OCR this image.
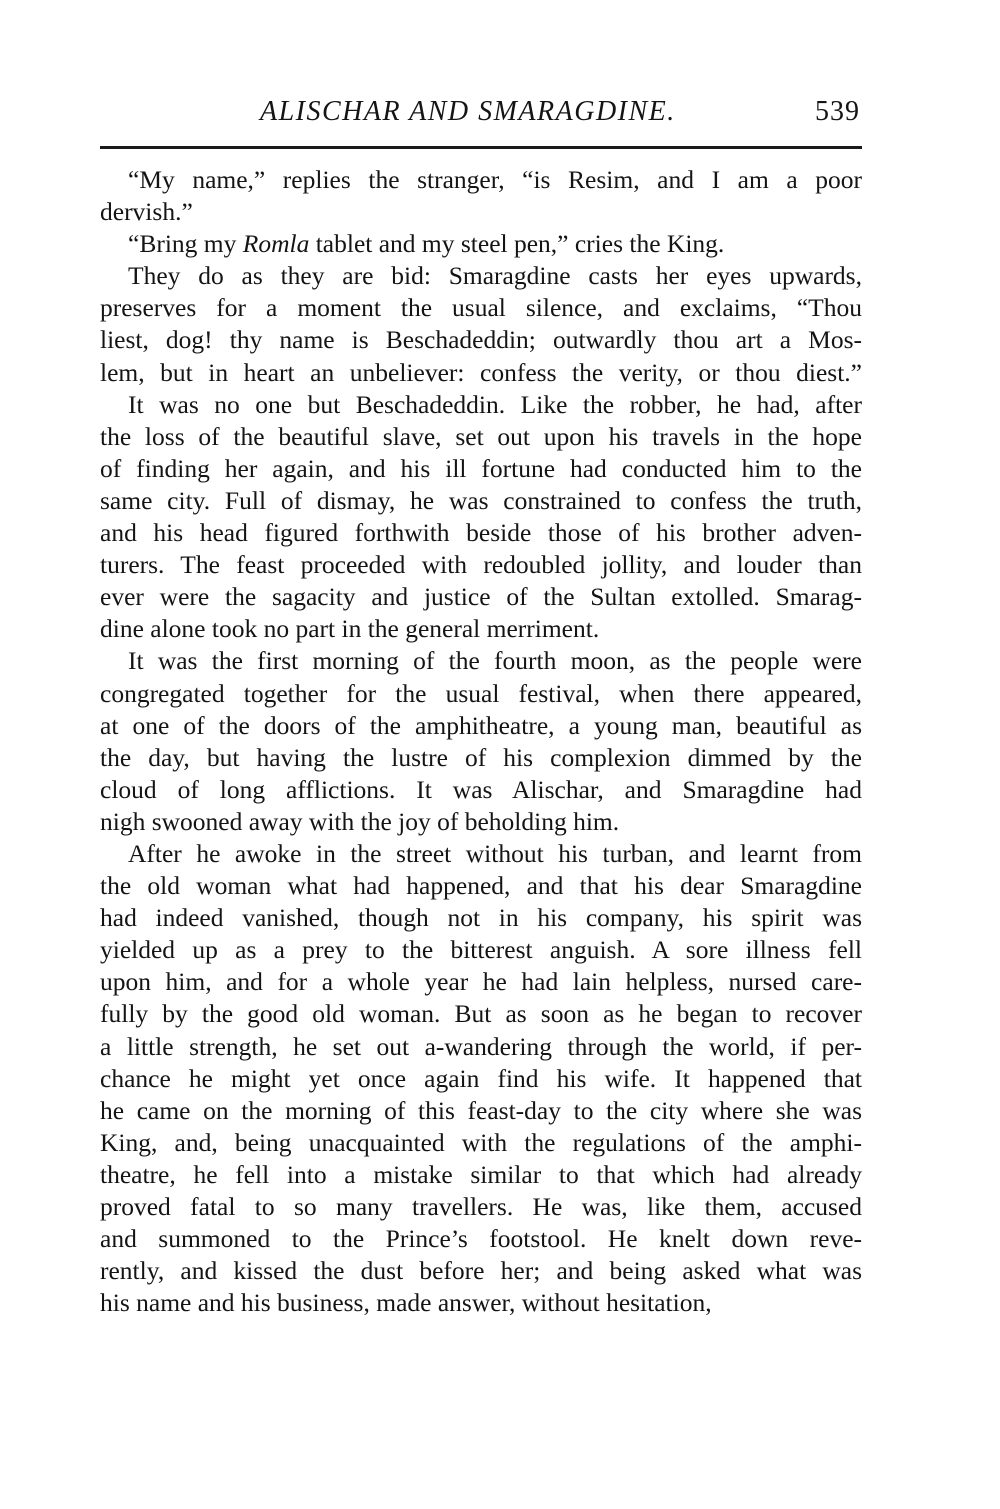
ALISCHAR AND SMARAGDINE.	539
“My name,” replies the stranger, “is Resim, and I am a poor
dervish.”
“Bring my Romla tablet and my steel pen,” cries the King.
They do as they are bid: Smaragdine casts her eyes upwards,
preserves for a moment the usual silence, and exclaims, “Thou
liest, dog! thy name is Beschadeddin; outwardly thou art a Mos-
lem, but in heart an unbeliever: confess the verity, or thou diest.”
It was no one but Beschadeddin. Like the robber, he had, after
the loss of the beautiful slave, set out upon his travels in the hope
of finding her again, and his ill fortune had conducted him to the
same city. Full of dismay, he was constrained to confess the truth,
and his head figured forthwith beside those of his brother adven-
turers. The feast proceeded with redoubled jollity, and louder than
ever were the sagacity and justice of the Sultan extolled. Smarag-
dine alone took no part in the general merriment.
It was the first morning of the fourth moon, as the people were
congregated together for the usual festival, when there appeared,
at one of the doors of the amphitheatre, a young man, beautiful as
the day, but having the lustre of his complexion dimmed by the
cloud of long afflictions. It was Alischar, and Smaragdine had
nigh swooned away with the joy of beholding him.
After he awoke in the street without his turban, and learnt from
the old woman what had happened, and that his dear Smaragdine
had indeed vanished, though not in his company, his spirit was
yielded up as a prey to the bitterest anguish. A sore illness fell
upon him, and for a whole year he had lain helpless, nursed care-
fully by the good old woman. But as soon as he began to recover
a little strength, he set out a-wandering through the world, if per-
chance he might yet once again find his wife. It happened that
he came on the morning of this feast-day to the city where she was
King, and, being unacquainted with the regulations of the amphi-
theatre, he fell into a mistake similar to that which had already
proved fatal to so many travellers. He was, like them, accused
and summoned to the Prince’s footstool. He knelt down reve-
rently, and kissed the dust before her; and being asked what was
his name and his business, made answer, without hesitation,
